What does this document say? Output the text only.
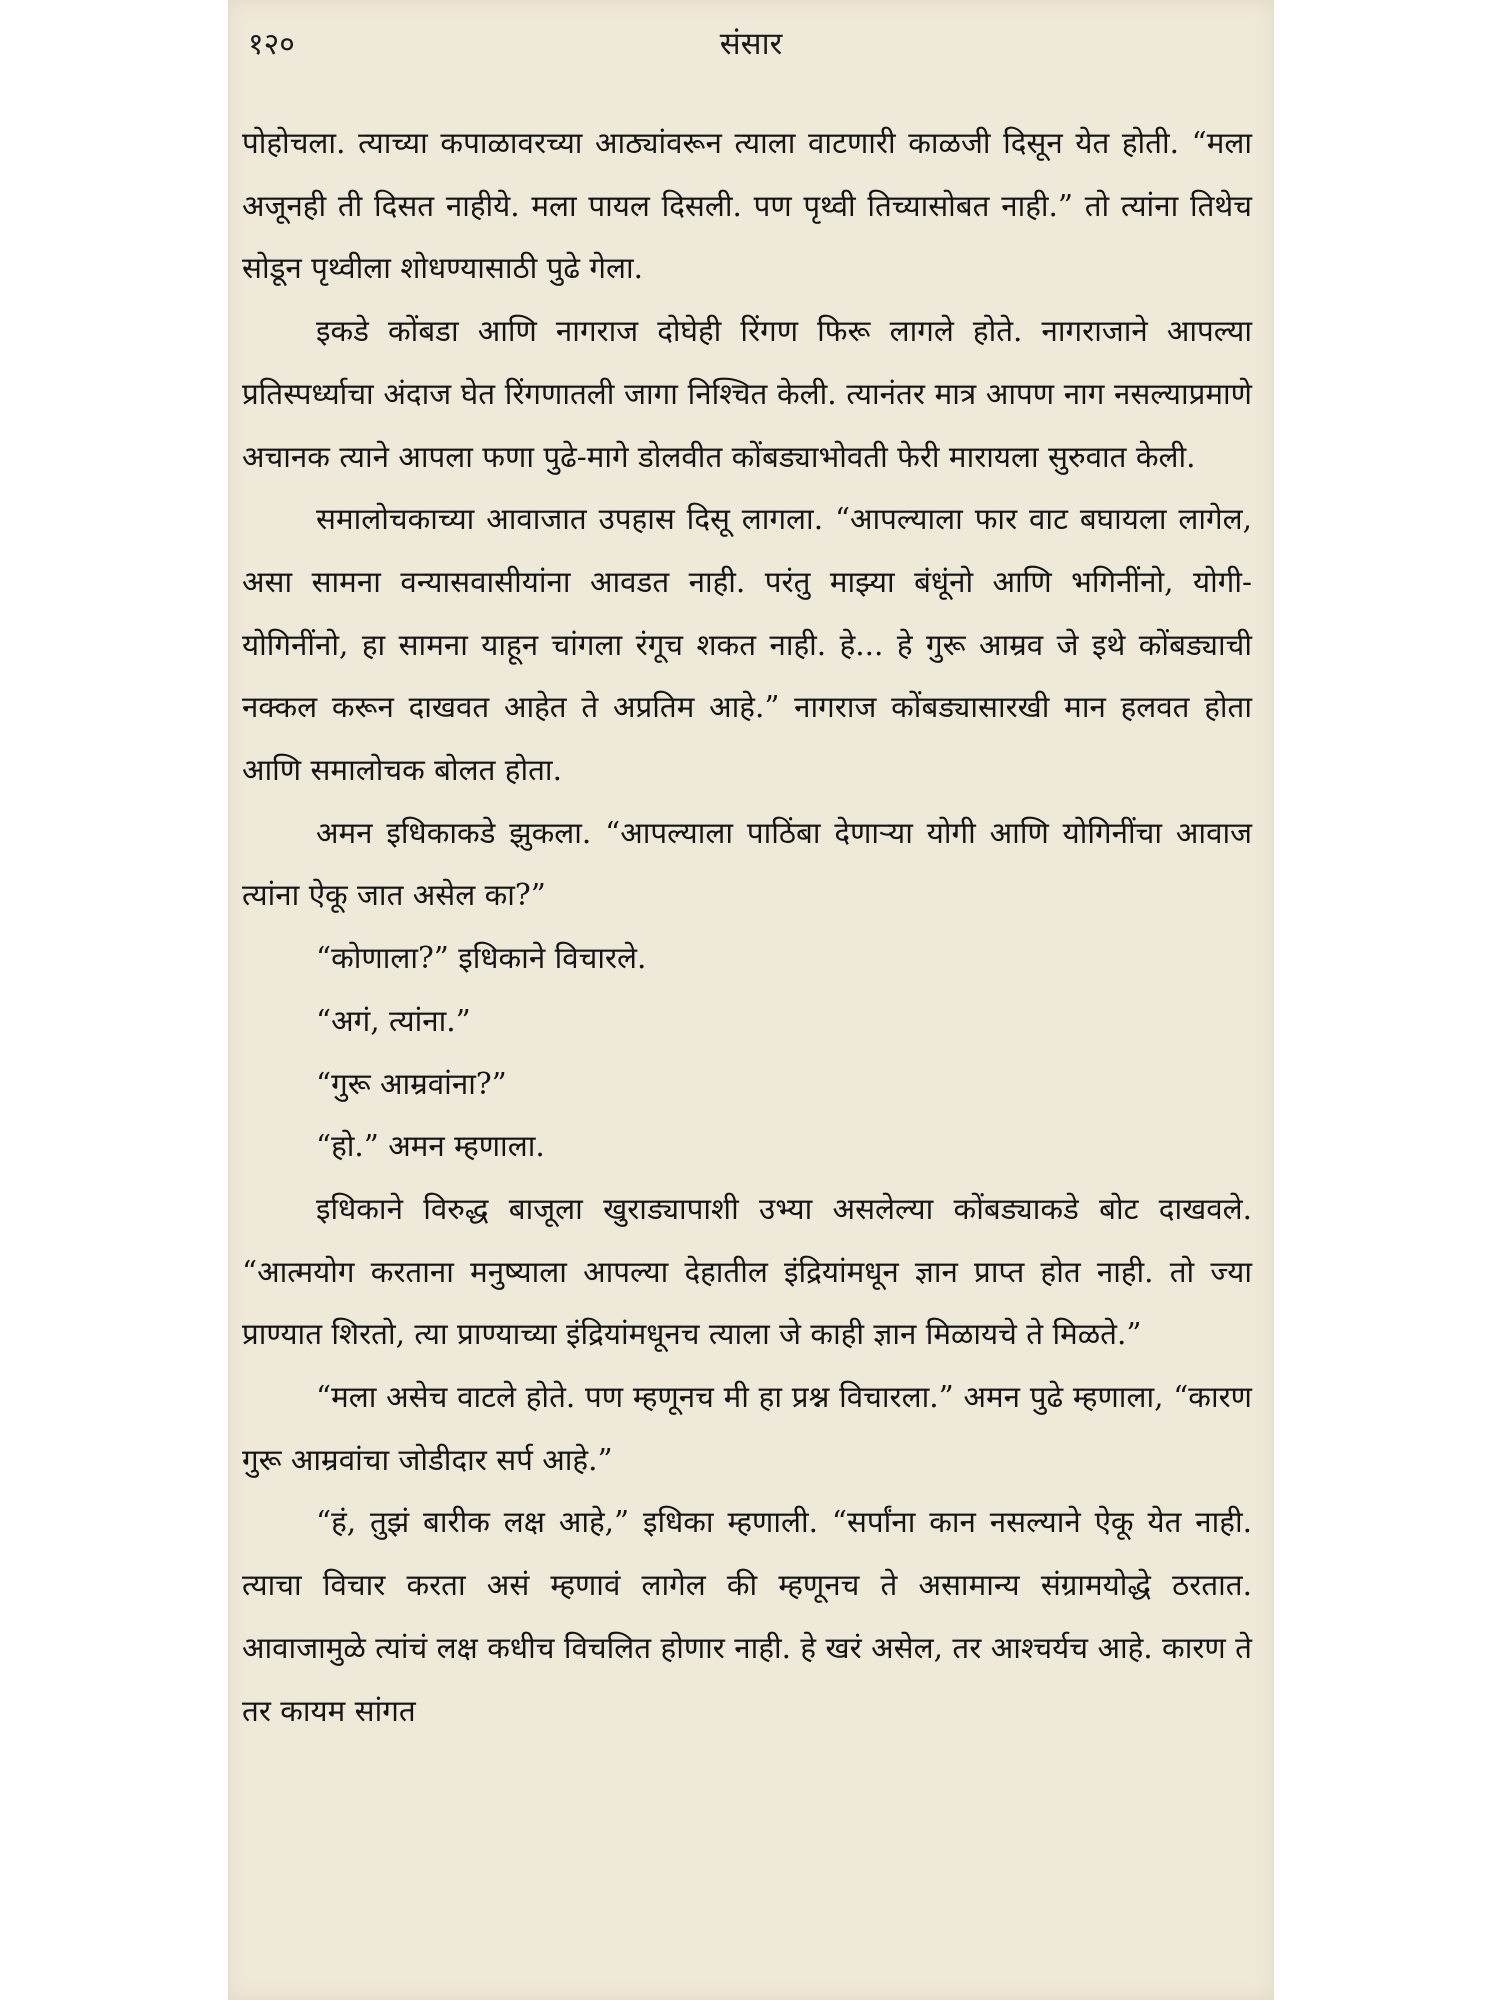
१२०	संसार

पोहोचला. त्याच्या कपाळावरच्या आठ्यांवरून त्याला वाटणारी काळजी दिसून येत होती. “मला अजूनही ती दिसत नाहीये. मला पायल दिसली. पण पृथ्वी तिच्यासोबत नाही.” तो त्यांना तिथेच सोडून पृथ्वीला शोधण्यासाठी पुढे गेला.

इकडे कोंबडा आणि नागराज दोघेही रिंगण फिरू लागले होते. नागराजाने आपल्या प्रतिस्पर्ध्याचा अंदाज घेत रिंगणातली जागा निश्चित केली. त्यानंतर मात्र आपण नाग नसल्याप्रमाणे अचानक त्याने आपला फणा पुढे-मागे डोलवीत कोंबड्याभोवती फेरी मारायला सुरुवात केली.

समालोचकाच्या आवाजात उपहास दिसू लागला. “आपल्याला फार वाट बघायला लागेल, असा सामना वन्यासवासीयांना आवडत नाही. परंतु माझ्या बंधूंनो आणि भगिनींनो, योगी-योगिनींनो, हा सामना याहून चांगला रंगूच शकत नाही. हे... हे गुरू आम्रव जे इथे कोंबड्याची नक्कल करून दाखवत आहेत ते अप्रतिम आहे.” नागराज कोंबड्यासारखी मान हलवत होता आणि समालोचक बोलत होता.

अमन इधिकाकडे झुकला. “आपल्याला पाठिंबा देणाऱ्या योगी आणि योगिनींचा आवाज त्यांना ऐकू जात असेल का?”

“कोणाला?” इधिकाने विचारले.

“अगं, त्यांना.”

“गुरू आम्रवांना?”

“हो.” अमन म्हणाला.

इधिकाने विरुद्ध बाजूला खुराड्यापाशी उभ्या असलेल्या कोंबड्याकडे बोट दाखवले. “आत्मयोग करताना मनुष्याला आपल्या देहातील इंद्रियांमधून ज्ञान प्राप्त होत नाही. तो ज्या प्राण्यात शिरतो, त्या प्राण्याच्या इंद्रियांमधूनच त्याला जे काही ज्ञान मिळायचे ते मिळते.”

“मला असेच वाटले होते. पण म्हणूनच मी हा प्रश्न विचारला.” अमन पुढे म्हणाला, “कारण गुरू आम्रवांचा जोडीदार सर्प आहे.”

“हं, तुझं बारीक लक्ष आहे,” इधिका म्हणाली. “सर्पांना कान नसल्याने ऐकू येत नाही. त्याचा विचार करता असं म्हणावं लागेल की म्हणूनच ते असामान्य संग्रामयोद्धे ठरतात. आवाजामुळे त्यांचं लक्ष कधीच विचलित होणार नाही. हे खरं असेल, तर आश्चर्यच आहे. कारण ते तर कायम सांगत
